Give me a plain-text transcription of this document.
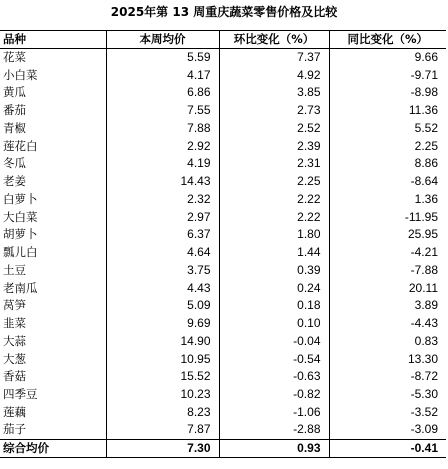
2025年第 13 周重庆蔬菜零售价格及比较
品种	本周均价	环比变化（%）	同比变化（%）
花菜	5.59	7.37	9.66
小白菜	4.17	4.92	-9.71
黄瓜	6.86	3.85	-8.98
番茄	7.55	2.73	11.36
青椒	7.88	2.52	5.52
莲花白	2.92	2.39	2.25
冬瓜	4.19	2.31	8.86
老姜	14.43	2.25	-8.64
白萝卜	2.32	2.22	1.36
大白菜	2.97	2.22	-11.95
胡萝卜	6.37	1.80	25.95
瓢儿白	4.64	1.44	-4.21
土豆	3.75	0.39	-7.88
老南瓜	4.43	0.24	20.11
莴笋	5.09	0.18	3.89
韭菜	9.69	0.10	-4.43
大蒜	14.90	-0.04	0.83
大葱	10.95	-0.54	13.30
香菇	15.52	-0.63	-8.72
四季豆	10.23	-0.82	-5.30
莲藕	8.23	-1.06	-3.52
茄子	7.87	-2.88	-3.09
综合均价	7.30	0.93	-0.41
